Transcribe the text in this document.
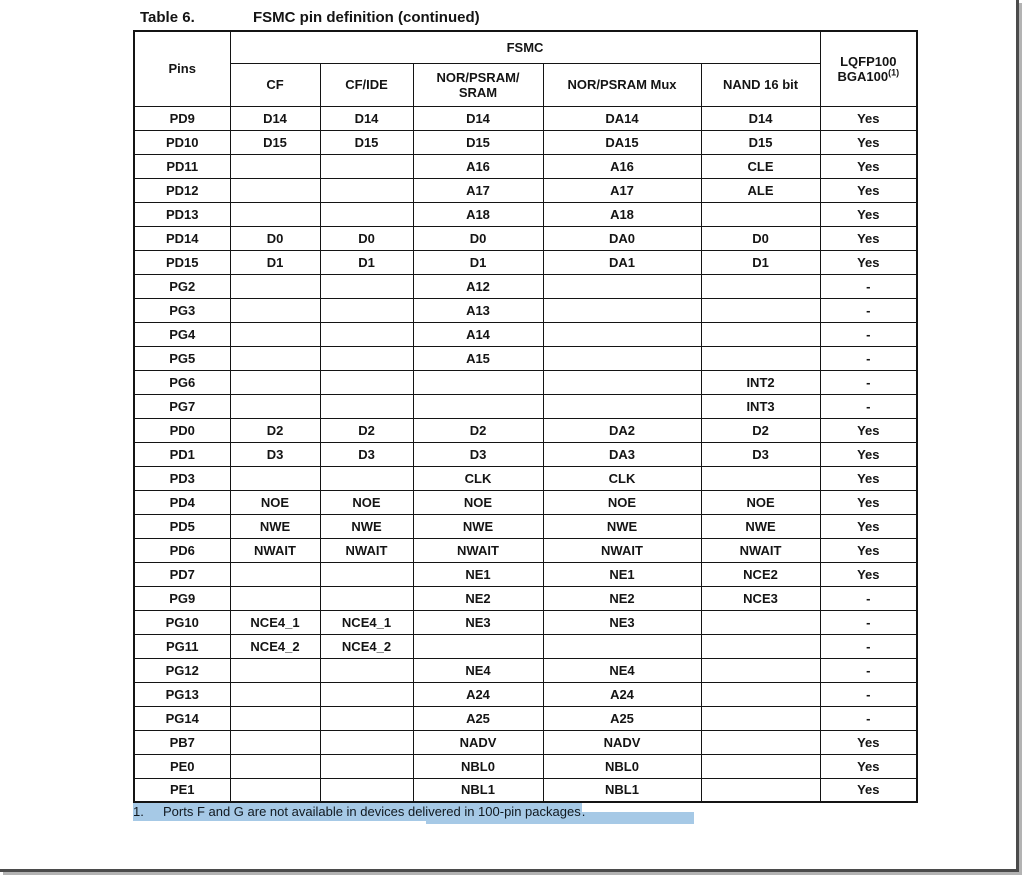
Table 6.	FSMC pin definition (continued)
Pins	FSMC					LQFP100
BGA100$^{(1)}$
	CF	CF/IDE	NOR/PSRAM/
SRAM	NOR/PSRAM Mux	NAND 16 bit	
PD9	D14	D14	D14	DA14	D14	Yes
PD10	D15	D15	D15	DA15	D15	Yes
PD11			A16	A16	CLE	Yes
PD12			A17	A17	ALE	Yes
PD13			A18	A18		Yes
PD14	D0	D0	D0	DA0	D0	Yes
PD15	D1	D1	D1	DA1	D1	Yes
PG2			A12			-
PG3			A13			-
PG4			A14			-
PG5			A15			-
PG6					INT2	-
PG7					INT3	-
PD0	D2	D2	D2	DA2	D2	Yes
PD1	D3	D3	D3	DA3	D3	Yes
PD3			CLK	CLK		Yes
PD4	NOE	NOE	NOE	NOE	NOE	Yes
PD5	NWE	NWE	NWE	NWE	NWE	Yes
PD6	NWAIT	NWAIT	NWAIT	NWAIT	NWAIT	Yes
PD7			NE1	NE1	NCE2	Yes
PG9			NE2	NE2	NCE3	-
PG10	NCE4_1	NCE4_1	NE3	NE3		-
PG11	NCE4_2	NCE4_2				-
PG12			NE4	NE4		-
PG13			A24	A24		-
PG14			A25	A25		-
PB7			NADV	NADV		Yes
PE0			NBL0	NBL0		Yes
PE1			NBL1	NBL1		Yes
1. Ports F and G are not available in devices delivered in 100-pin packages.
